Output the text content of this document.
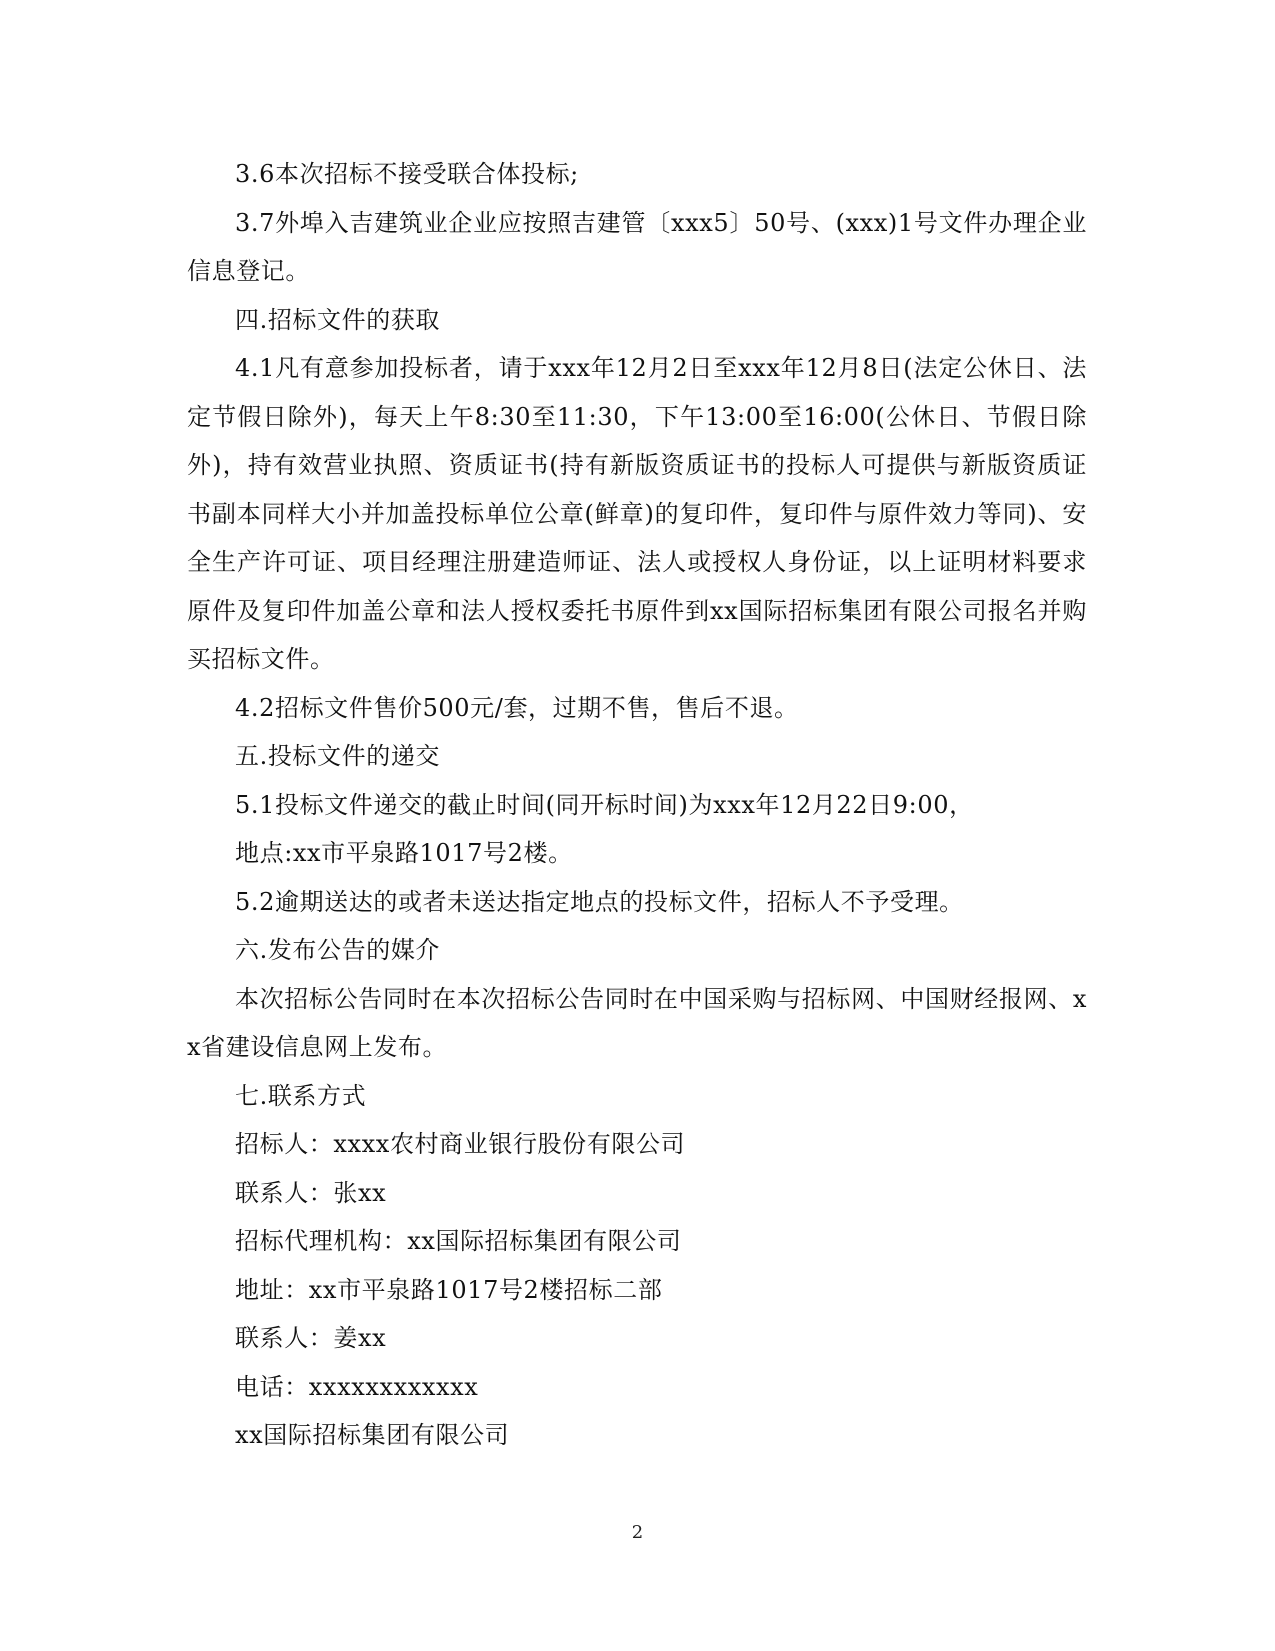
3.6本次招标不接受联合体投标;

3.7外埠入吉建筑业企业应按照吉建管〔xxx5〕50号、(xxx)1号文件办理企业信息登记。

四.招标文件的获取

4.1凡有意参加投标者，请于xxx年12月2日至xxx年12月8日(法定公休日、法定节假日除外)，每天上午8:30至11:30，下午13:00至16:00(公休日、节假日除外)，持有效营业执照、资质证书(持有新版资质证书的投标人可提供与新版资质证书副本同样大小并加盖投标单位公章(鲜章)的复印件，复印件与原件效力等同)、安全生产许可证、项目经理注册建造师证、法人或授权人身份证，以上证明材料要求原件及复印件加盖公章和法人授权委托书原件到xx国际招标集团有限公司报名并购买招标文件。

4.2招标文件售价500元/套，过期不售，售后不退。

五.投标文件的递交

5.1投标文件递交的截止时间(同开标时间)为xxx年12月22日9:00，

地点:xx市平泉路1017号2楼。

5.2逾期送达的或者未送达指定地点的投标文件，招标人不予受理。

六.发布公告的媒介

本次招标公告同时在本次招标公告同时在中国采购与招标网、中国财经报网、xx省建设信息网上发布。

七.联系方式

招标人：xxxx农村商业银行股份有限公司

联系人：张xx

招标代理机构：xx国际招标集团有限公司

地址：xx市平泉路1017号2楼招标二部

联系人：姜xx

电话：xxxxxxxxxxxx

xx国际招标集团有限公司

2
